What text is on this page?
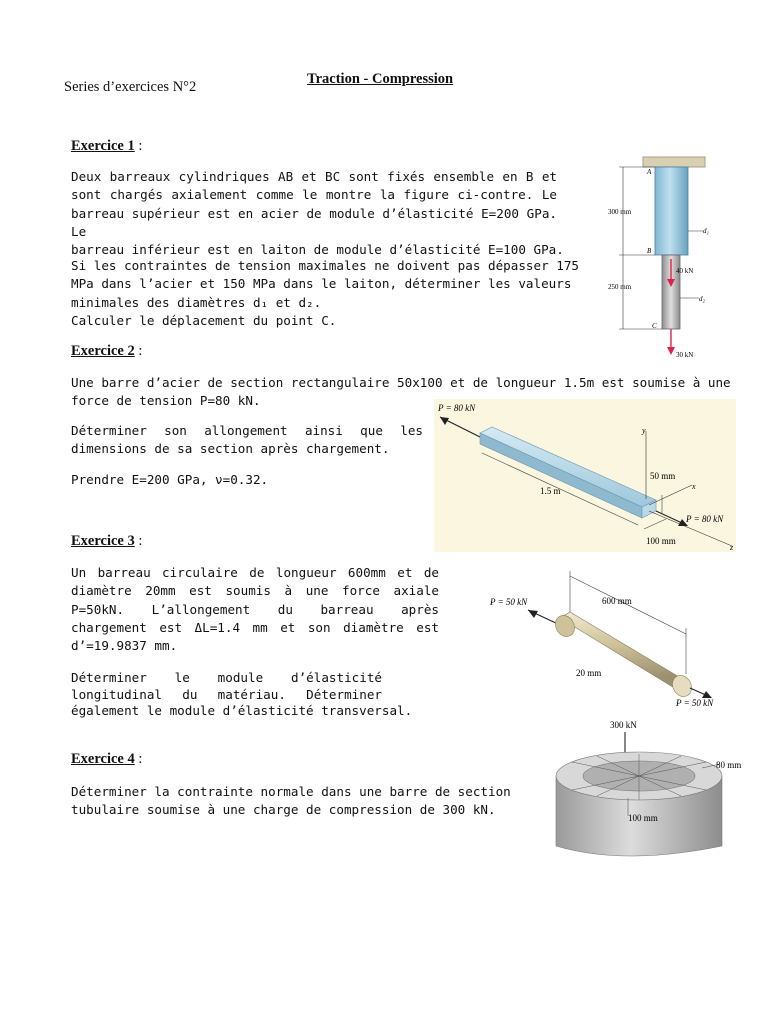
Series d’exercices N°2	Traction - Compression
Exercice 1 :
Deux barreaux cylindriques AB et BC sont fixés ensemble en B et
sont chargés axialement comme le montre la figure ci-contre. Le
barreau supérieur est en acier de module d’élasticité E=200 GPa. Le
barreau inférieur est en laiton de module d’élasticité E=100 GPa.
Si les contraintes de tension maximales ne doivent pas dépasser 175
MPa dans l’acier et 150 MPa dans le laiton, déterminer les valeurs
minimales des diamètres d₁ et d₂.
Calculer le déplacement du point C.
300 mm
250 mm
A
B
C
d₁
d₂
40 kN
30 kN
Exercice 2 :
Une barre d’acier de section rectangulaire 50x100 et de longueur 1.5m est soumise à une
force de tension P=80 kN.
Déterminer son allongement ainsi que les
dimensions de sa section après chargement.
Prendre E=200 GPa, ν=0.32.
P = 80 kN
y
x
z
1.5 m
50 mm
100 mm
P = 80 kN
Exercice 3 :
Un barreau circulaire de longueur 600mm et de
diamètre 20mm est soumis à une force axiale
P=50kN. L’allongement du barreau après
chargement est ΔL=1.4 mm et son diamètre est
d’=19.9837 mm.
Déterminer le module d’élasticité
longitudinal du matériau. Déterminer
également le module d’élasticité transversal.
P = 50 kN	600 mm
20 mm
P = 50 kN
Exercice 4 :
Déterminer la contrainte normale dans une barre de section
tubulaire soumise à une charge de compression de 300 kN.
300 kN
80 mm
100 mm
